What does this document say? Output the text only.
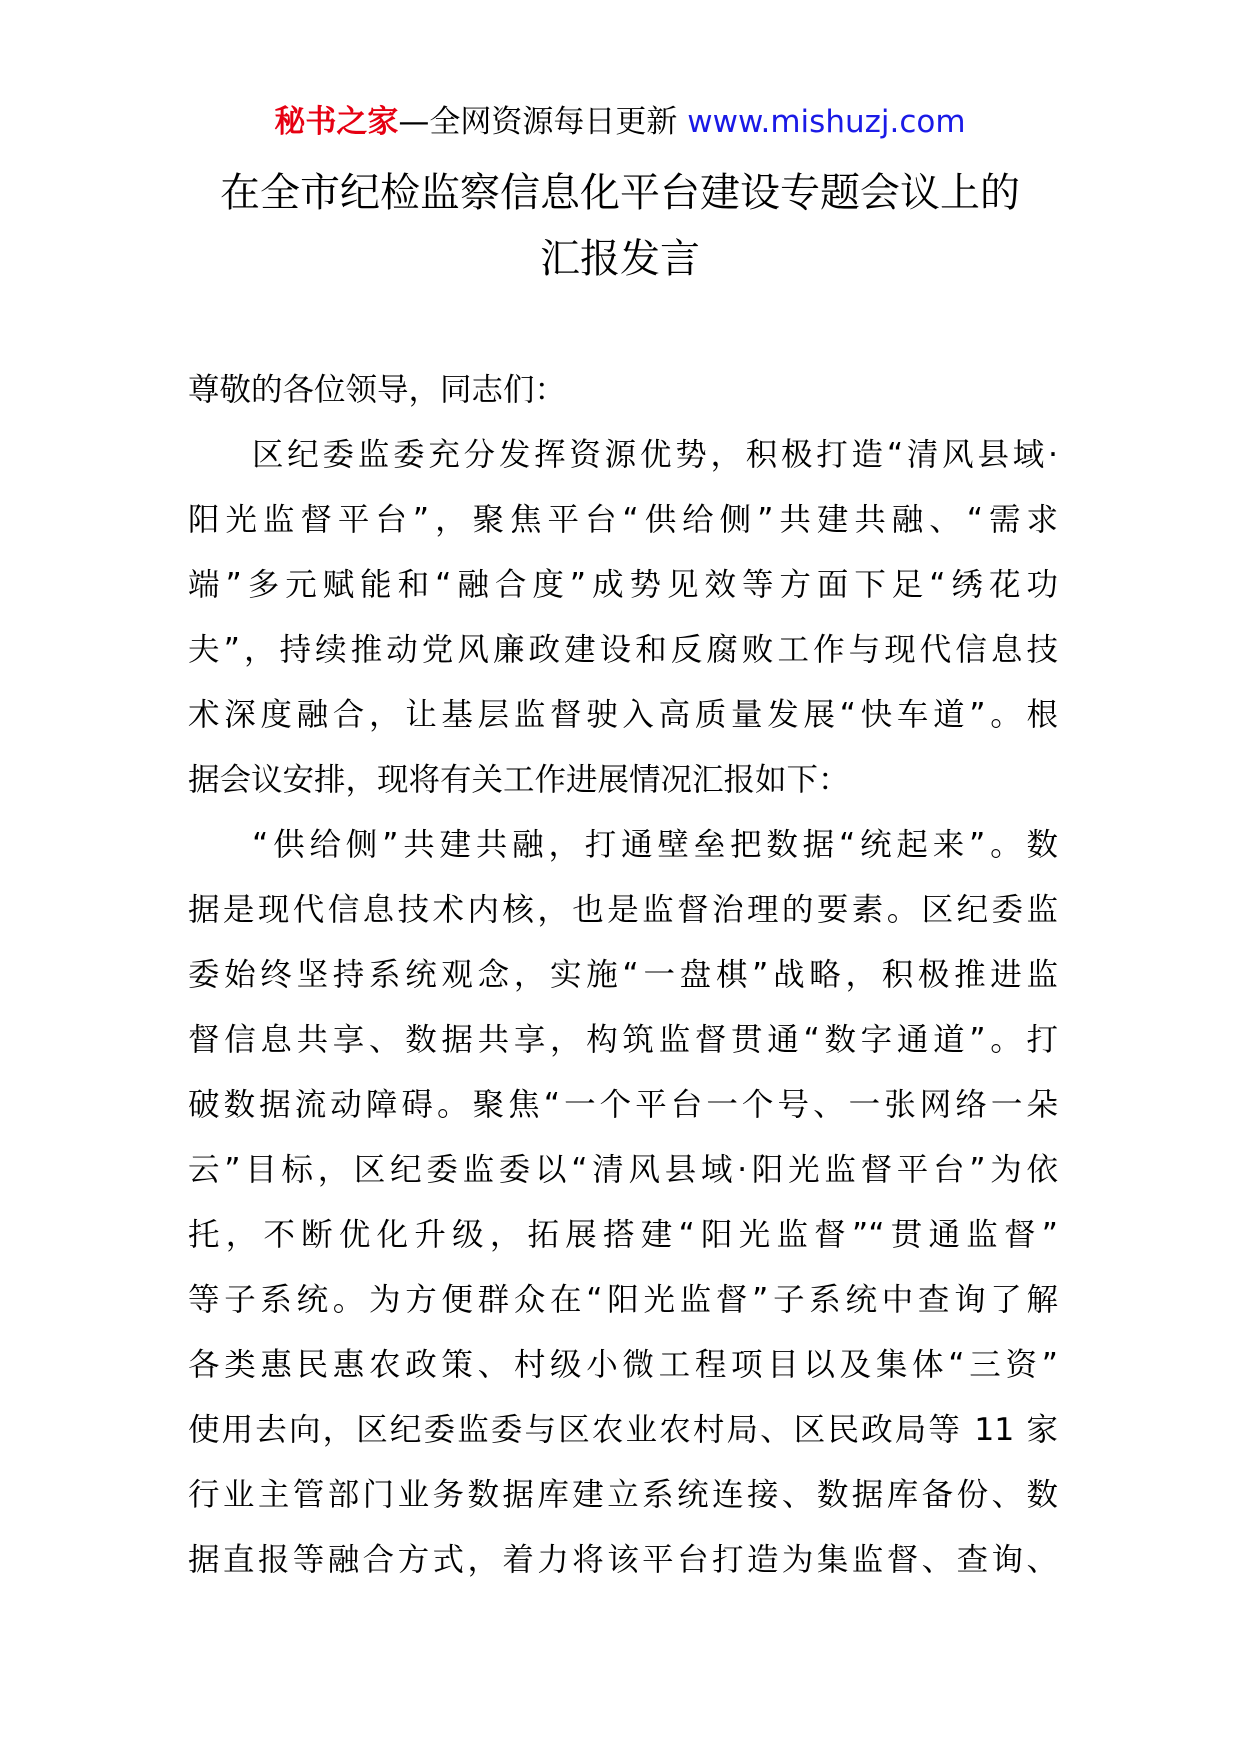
秘书之家—全网资源每日更新 www.mishuzj.com
在全市纪检监察信息化平台建设专题会议上的
汇报发言
尊敬的各位领导，同志们：
区纪委监委充分发挥资源优势，积极打造“清风县域·
阳光监督平台”，聚焦平台“供给侧”共建共融、“需求
端”多元赋能和“融合度”成势见效等方面下足“绣花功
夫”，持续推动党风廉政建设和反腐败工作与现代信息技
术深度融合，让基层监督驶入高质量发展“快车道”。根
据会议安排，现将有关工作进展情况汇报如下：
“供给侧”共建共融，打通壁垒把数据“统起来”。数
据是现代信息技术内核，也是监督治理的要素。区纪委监
委始终坚持系统观念，实施“一盘棋”战略，积极推进监
督信息共享、数据共享，构筑监督贯通“数字通道”。打
破数据流动障碍。聚焦“一个平台一个号、一张网络一朵
云”目标，区纪委监委以“清风县域·阳光监督平台”为依
托，不断优化升级，拓展搭建“阳光监督”“贯通监督”
等子系统。为方便群众在“阳光监督”子系统中查询了解
各类惠民惠农政策、村级小微工程项目以及集体“三资”
使用去向，区纪委监委与区农业农村局、区民政局等 11 家
行业主管部门业务数据库建立系统连接、数据库备份、数
据直报等融合方式，着力将该平台打造为集监督、查询、
